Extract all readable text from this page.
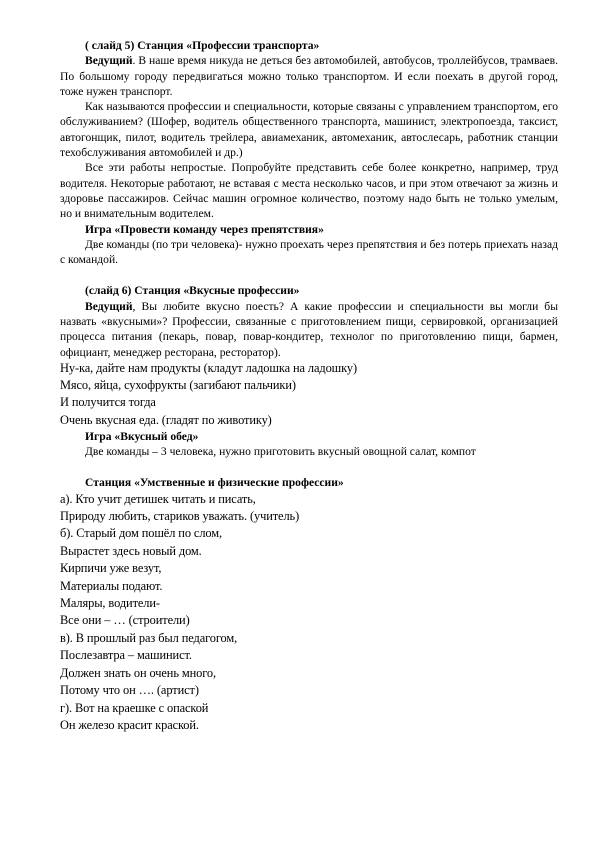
( слайд 5) Станция «Профессии транспорта»

Ведущий. В наше время никуда не деться без автомобилей, автобусов, троллейбусов, трамваев. По большому городу передвигаться можно только транспортом. И если поехать в другой город, тоже нужен транспорт.

Как называются профессии и специальности, которые связаны с управлением транспортом, его обслуживанием? (Шофер, водитель общественного транспорта, машинист, электропоезда, таксист, автогонщик, пилот, водитель трейлера, авиамеханик, автомеханик, автослесарь, работник станции техобслуживания автомобилей и др.)

Все эти работы непростые. Попробуйте представить себе более конкретно, например, труд водителя. Некоторые работают, не вставая с места несколько часов, и при этом отвечают за жизнь и здоровье пассажиров. Сейчас машин огромное количество, поэтому надо быть не только умелым, но и внимательным водителем.

Игра «Провести команду через препятствия»

Две команды (по три человека)- нужно проехать через препятствия и без потерь приехать назад с командой.

(слайд 6) Станция «Вкусные профессии»

Ведущий, Вы любите вкусно поесть? А какие профессии и специальности вы могли бы назвать «вкусными»? Профессии, связанные с приготовлением пищи, сервировкой, организацией процесса питания (пекарь, повар, повар-кондитер, технолог по приготовлению пищи, бармен, официант, менеджер ресторана, ресторатор).

Ну-ка, дайте нам продукты (кладут ладошка на ладошку)

Мясо, яйца, сухофрукты (загибают пальчики)

И получится тогда

Очень вкусная еда. (гладят по животику)

Игра «Вкусный обед»

Две команды – 3 человека, нужно приготовить вкусный овощной салат, компот

Станция «Умственные и физические профессии»

а). Кто учит детишек читать и писать,

Природу любить, стариков уважать. (учитель)

б). Старый дом пошёл по слом,

Вырастет здесь новый дом.

Кирпичи уже везут,

Материалы подают.

Маляры, водители-

Все они – … (строители)

в). В прошлый раз был педагогом,

Послезавтра – машинист.

Должен знать он очень много,

Потому что он …. (артист)

г). Вот на краешке с опаской

Он железо красит краской.
